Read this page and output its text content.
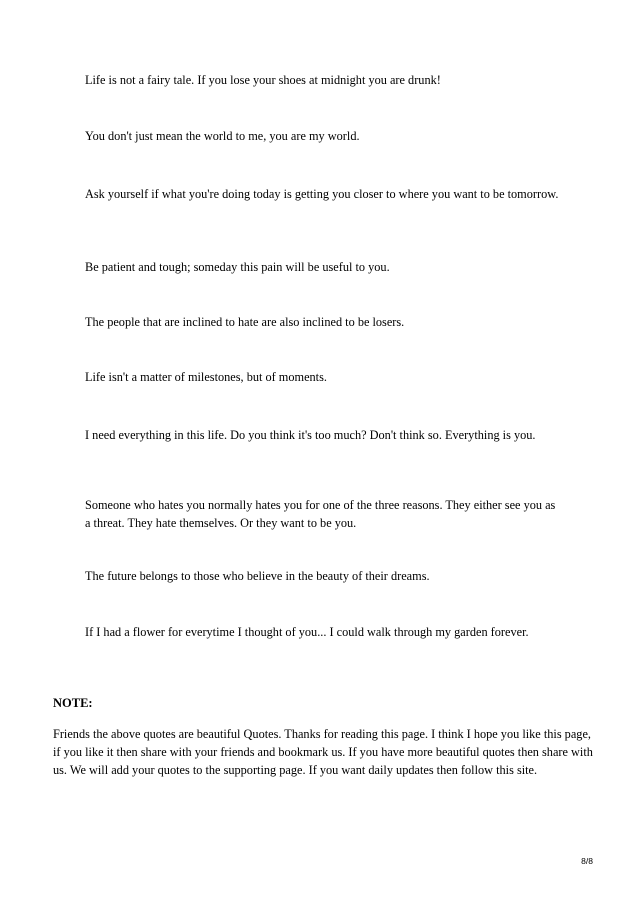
Life is not a fairy tale. If you lose your shoes at midnight you are drunk!

You don't just mean the world to me, you are my world.

Ask yourself if what you're doing today is getting you closer to where you want to be tomorrow.

Be patient and tough; someday this pain will be useful to you.

The people that are inclined to hate are also inclined to be losers.

Life isn't a matter of milestones, but of moments.

I need everything in this life. Do you think it's too much? Don't think so. Everything is you.

Someone who hates you normally hates you for one of the three reasons. They either see you as a threat. They hate themselves. Or they want to be you.

The future belongs to those who believe in the beauty of their dreams.

If I had a flower for everytime I thought of you... I could walk through my garden forever.

NOTE:

Friends the above quotes are beautiful Quotes. Thanks for reading this page. I think I hope you like this page, if you like it then share with your friends and bookmark us. If you have more beautiful quotes then share with us. We will add your quotes to the supporting page. If you want daily updates then follow this site.

8/8
